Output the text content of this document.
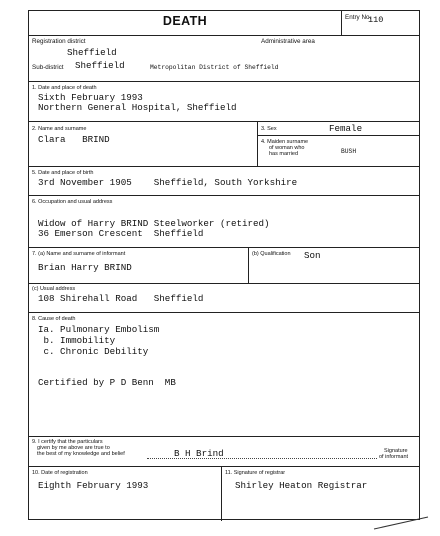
DEATH	Entry No.
110
Registration district	Administrative area
Sheffield
Sub-district Sheffield	Metropolitan District of Sheffield
1. Date and place of death
Sixth February 1993
Northern General Hospital, Sheffield
2. Name and surname
Clara   BRIND
3. Sex	Female
4. Maiden surname
of woman who
has married	BUSH
5. Date and place of birth
3rd November 1905    Sheffield, South Yorkshire
6. Occupation and usual address
Widow of Harry BRIND Steelworker (retired)
36 Emerson Crescent  Sheffield
7. (a) Name and surname of informant
Brian Harry BRIND
(b) Qualification Son
(c) Usual address
108 Shirehall Road   Sheffield
8. Cause of death
Ia. Pulmonary Embolism
b. Immobility
c. Chronic Debility
Certified by P D Benn  MB
9. I certify that the particulars
given by me above are true to
the best of my knowledge and belief	B H Brind	Signature
of informant
10. Date of registration
Eighth February 1993
11. Signature of registrar
Shirley Heaton Registrar
